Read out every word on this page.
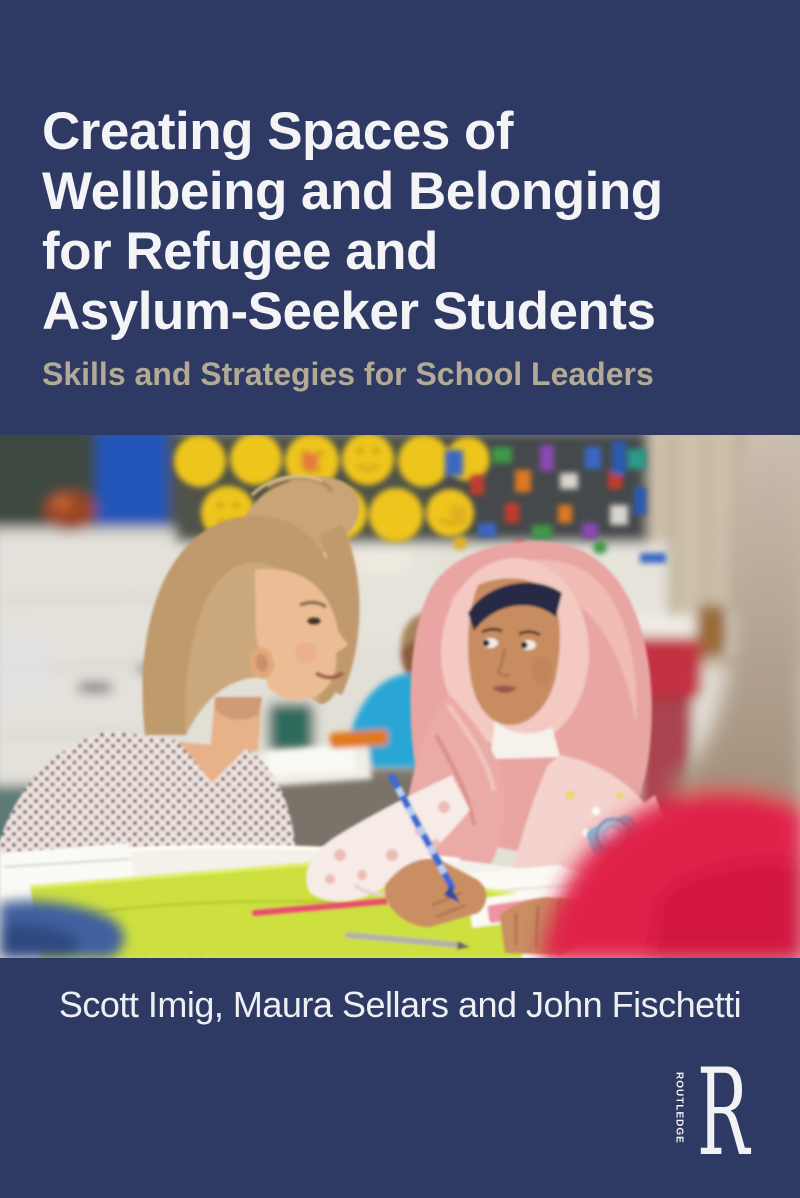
Creating Spaces of
Wellbeing and Belonging
for Refugee and
Asylum-Seeker Students
Skills and Strategies for School Leaders
Scott Imig, Maura Sellars and John Fischetti
ROUTLEDGE R
